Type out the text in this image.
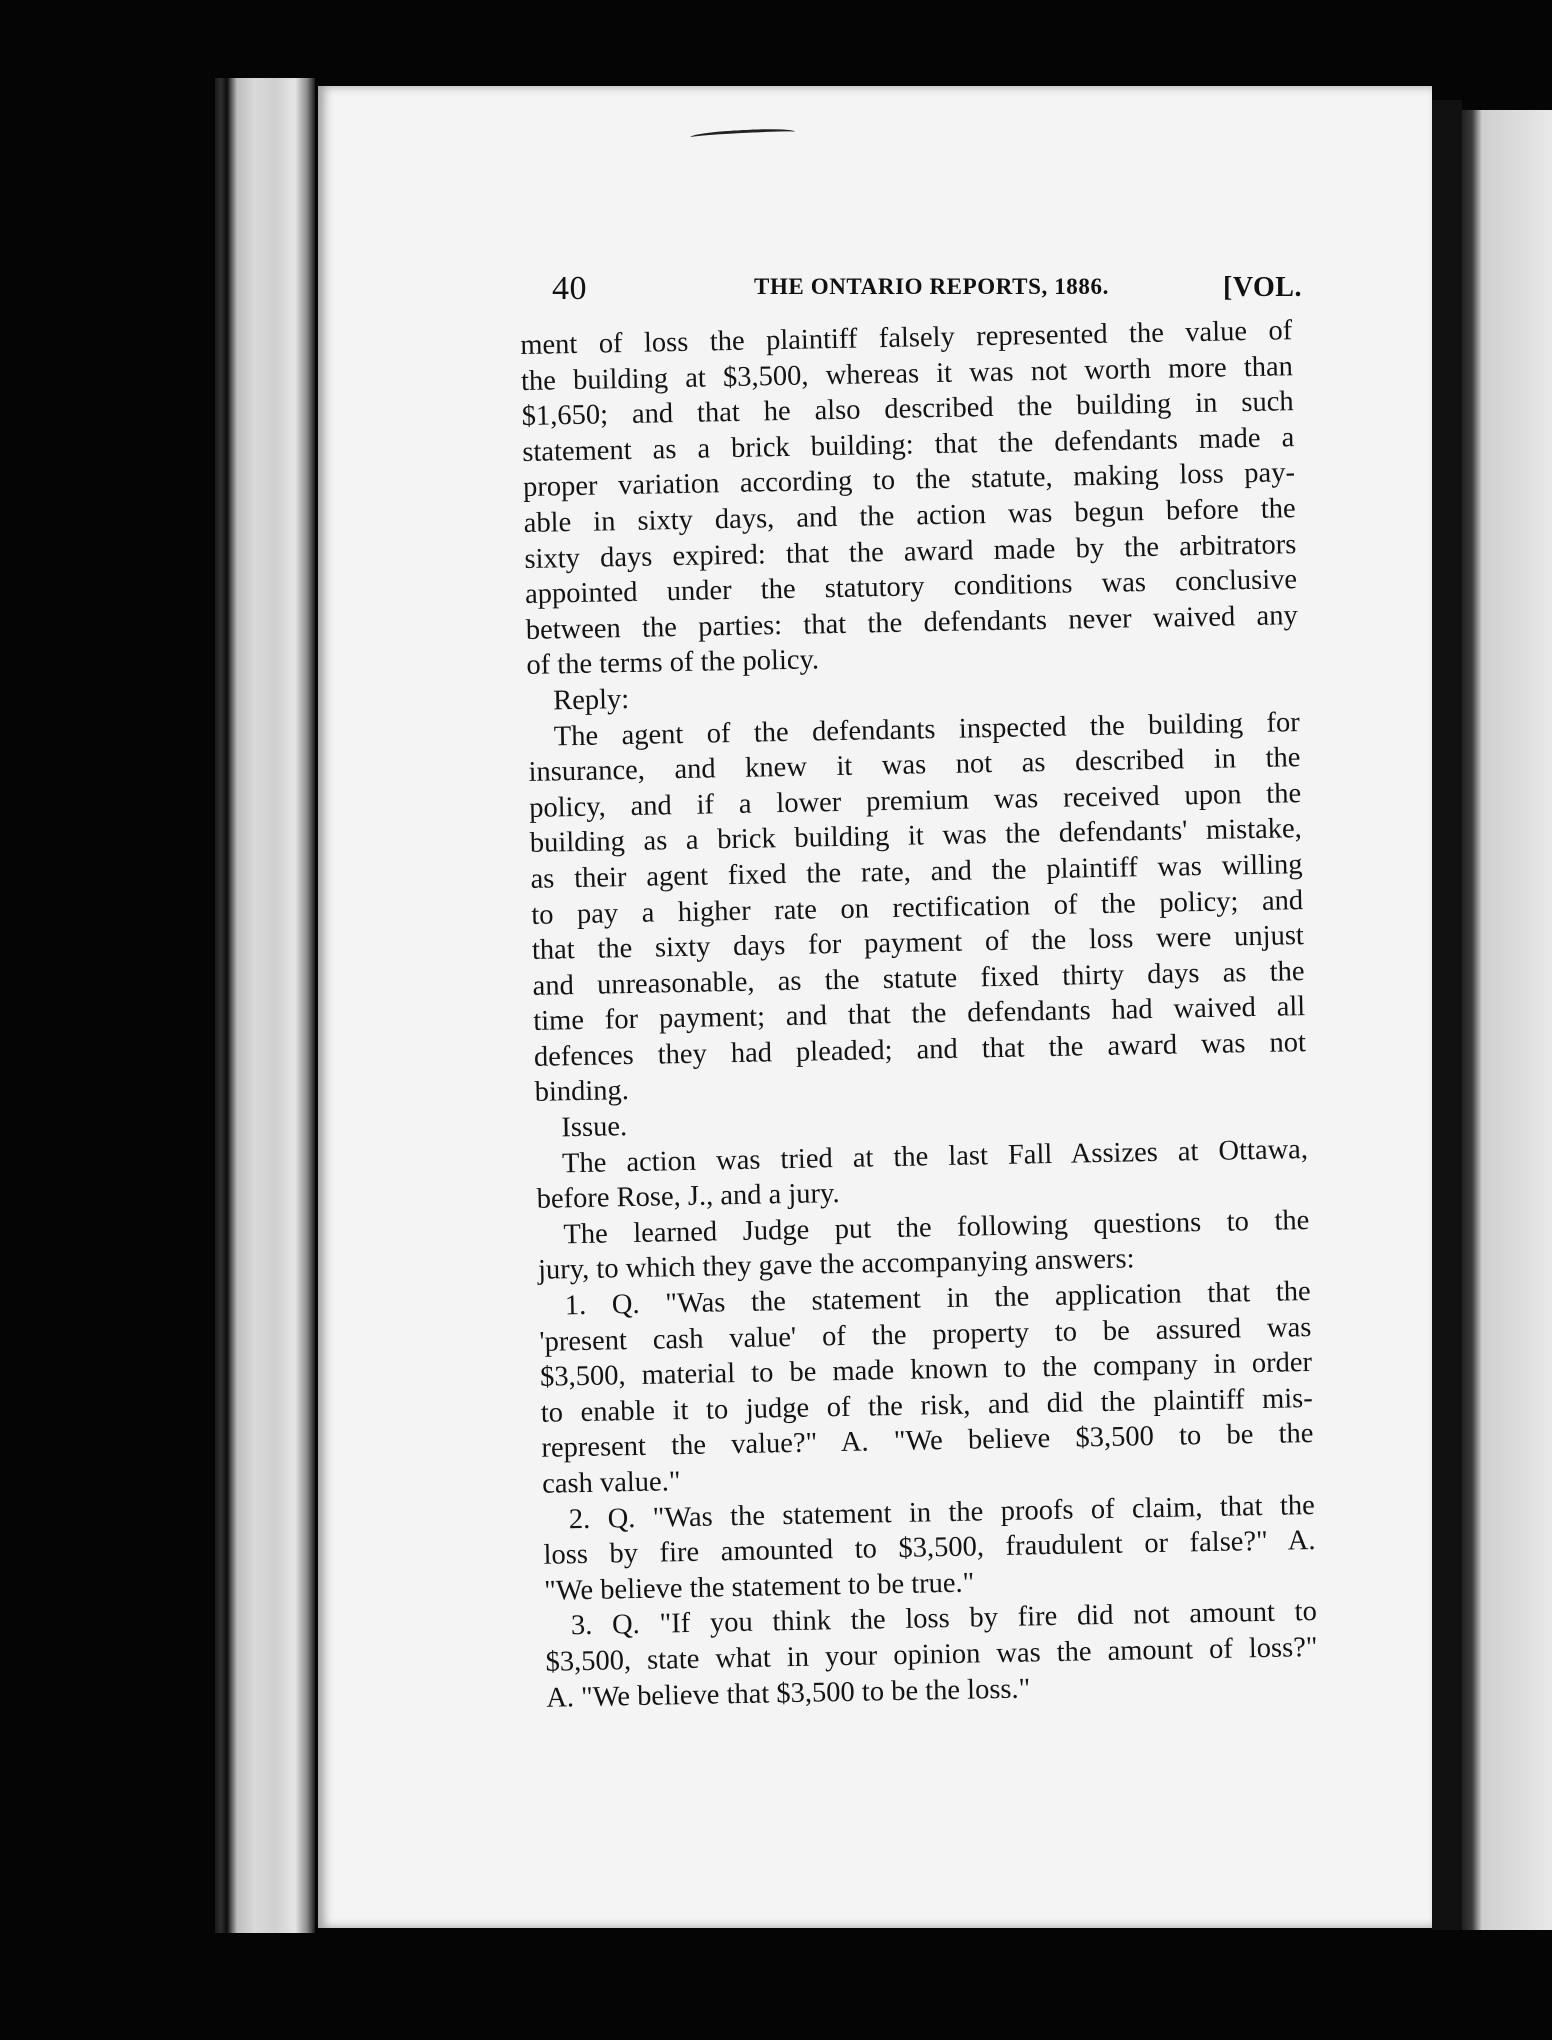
40	THE ONTARIO REPORTS, 1886.	[VOL.

ment of loss the plaintiff falsely represented the value of
the building at $3,500, whereas it was not worth more than
$1,650; and that he also described the building in such
statement as a brick building: that the defendants made a
proper variation according to the statute, making loss pay-
able in sixty days, and the action was begun before the
sixty days expired: that the award made by the arbitrators
appointed under the statutory conditions was conclusive
between the parties: that the defendants never waived any
of the terms of the policy.

Reply:

The agent of the defendants inspected the building for
insurance, and knew it was not as described in the
policy, and if a lower premium was received upon the
building as a brick building it was the defendants' mistake,
as their agent fixed the rate, and the plaintiff was willing
to pay a higher rate on rectification of the policy; and
that the sixty days for payment of the loss were unjust
and unreasonable, as the statute fixed thirty days as the
time for payment; and that the defendants had waived all
defences they had pleaded; and that the award was not
binding.

Issue.

The action was tried at the last Fall Assizes at Ottawa,
before Rose, J., and a jury.

The learned Judge put the following questions to the
jury, to which they gave the accompanying answers:

1. Q. "Was the statement in the application that the
'present cash value' of the property to be assured was
$3,500, material to be made known to the company in order
to enable it to judge of the risk, and did the plaintiff mis-
represent the value?" A. "We believe $3,500 to be the
cash value."

2. Q. "Was the statement in the proofs of claim, that the
loss by fire amounted to $3,500, fraudulent or false?" A.
"We believe the statement to be true."

3. Q. "If you think the loss by fire did not amount to
$3,500, state what in your opinion was the amount of loss?"
A. "We believe that $3,500 to be the loss."
